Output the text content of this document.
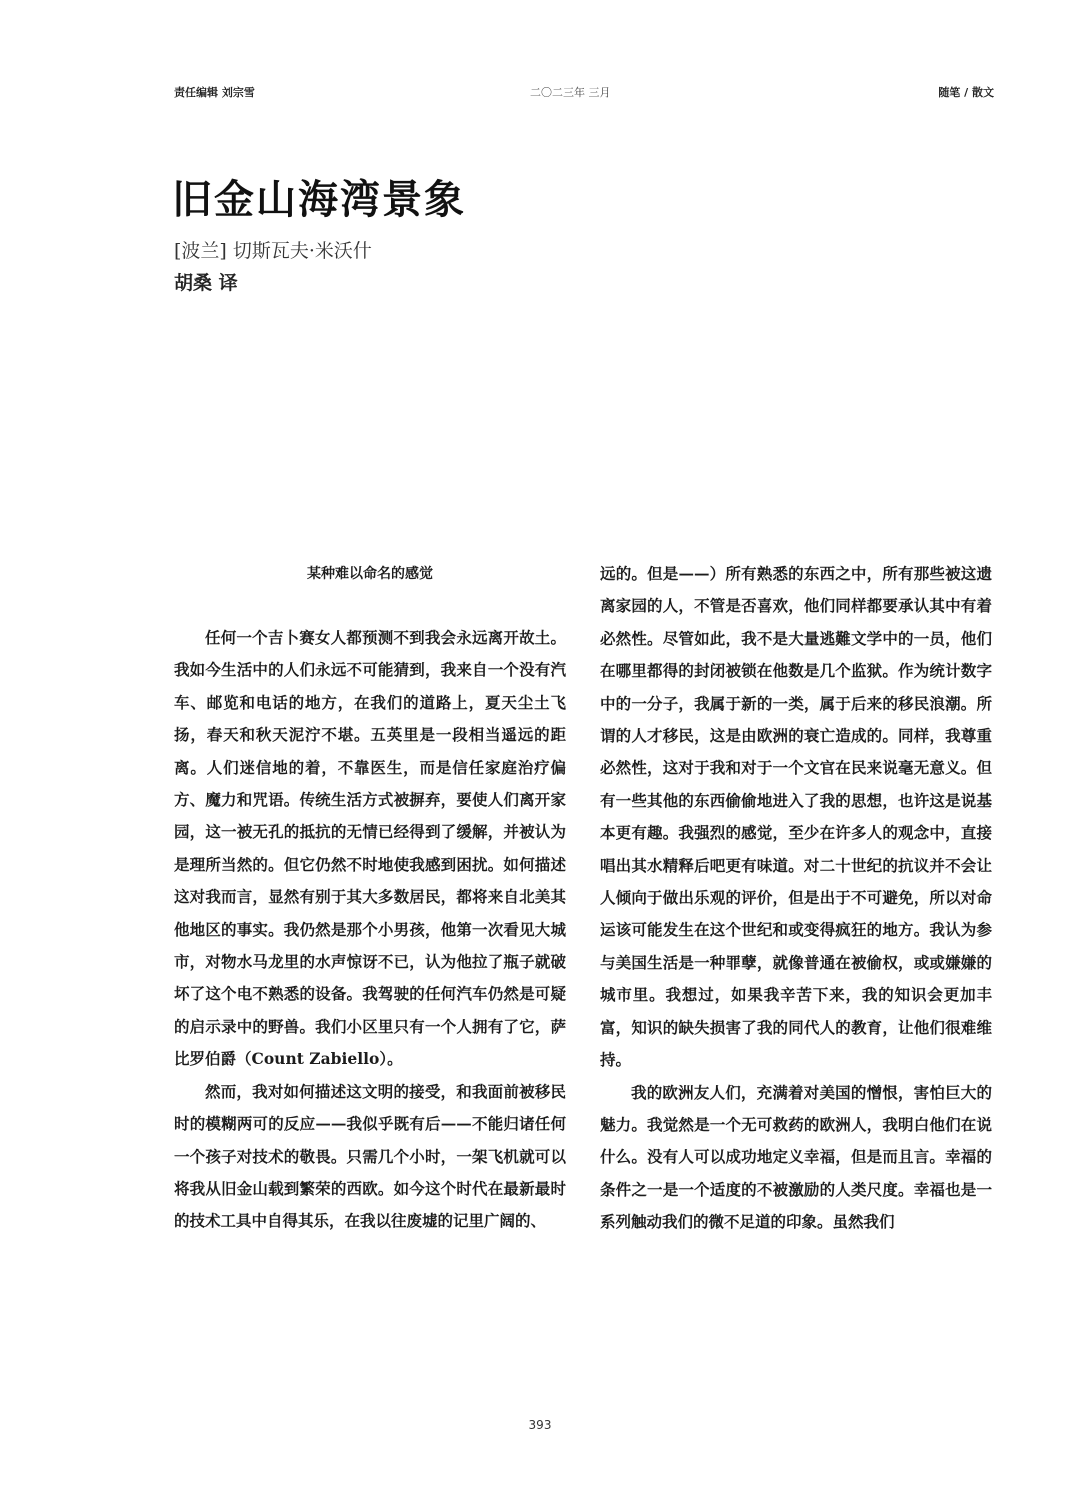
责任编辑 刘宗雪	二〇二三年 三月	随笔 / 散文
旧金山海湾景象
[波兰] 切斯瓦夫·米沃什
胡桑 译
某种难以命名的感觉

任何一个吉卜赛女人都预测不到我会永远离开故土。我如今生活中的人们永远不可能猜到，我来自一个没有汽车、邮览和电话的地方，在我们的道路上，夏天尘土飞扬，春天和秋天泥泞不堪。五英里是一段相当遥远的距离。人们迷信地的着，不靠医生，而是信任家庭治疗偏方、魔力和咒语。传统生活方式被摒弃，要使人们离开家园，这一被无孔的抵抗的无情已经得到了缓解，并被认为是理所当然的。但它仍然不时地使我感到困扰。如何描述这对我而言，显然有别于其大多数居民，都将来自北美其他地区的事实。我仍然是那个小男孩，他第一次看见大城市，对物水马龙里的水声惊讶不已，认为他拉了瓶子就破坏了这个电不熟悉的设备。我驾驶的任何汽车仍然是可疑的启示录中的野兽。我们小区里只有一个人拥有了它，萨比罗伯爵（Count Zabiello）。

然而，我对如何描述这文明的接受，和我面前被移民时的模糊两可的反应——我似乎既有后——不能归诸任何一个孩子对技术的敬畏。只需几个小时，一架飞机就可以将我从旧金山载到繁荣的西欧。如今这个时代在最新最时的技术工具中自得其乐，在我以往废墟的记里广阔的、

远的。但是——）所有熟悉的东西之中，所有那些被这遗离家园的人，不管是否喜欢，他们同样都要承认其中有着必然性。尽管如此，我不是大量逃難文学中的一员，他们在哪里都得的封闭被锁在他数是几个监狱。作为统计数字中的一分子，我属于新的一类，属于后来的移民浪潮。所谓的人才移民，这是由欧洲的衰亡造成的。同样，我尊重必然性，这对于我和对于一个文官在民来说毫无意义。但有一些其他的东西偷偷地进入了我的思想，也许这是说基本更有趣。我强烈的感觉，至少在许多人的观念中，直接唱出其水精释后吧更有味道。对二十世纪的抗议并不会让人倾向于做出乐观的评价，但是出于不可避免，所以对命运该可能发生在这个世纪和或变得疯狂的地方。我认为参与美国生活是一种罪孽，就像普通在被偷权，或或嫌嫌的城市里。我想过，如果我辛苦下来，我的知识会更加丰富，知识的缺失损害了我的同代人的教育，让他们很难维持。

我的欧洲友人们，充满着对美国的憎恨，害怕巨大的魅力。我觉然是一个无可救药的欧洲人，我明白他们在说什么。没有人可以成功地定义幸福，但是而且言。幸福的条件之一是一个适度的不被激励的人类尺度。幸福也是一系列触动我们的微不足道的印象。虽然我们

393
